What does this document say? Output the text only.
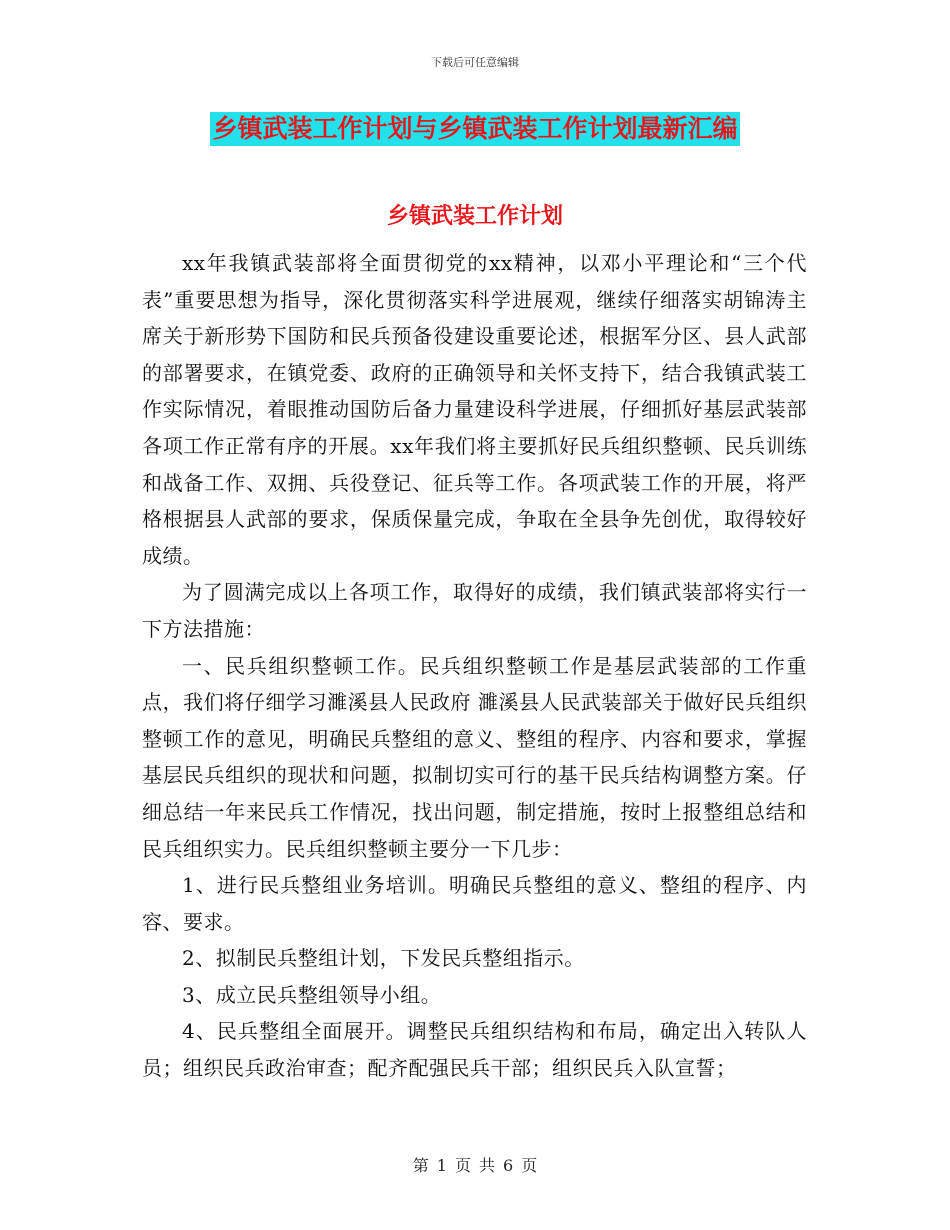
下载后可任意编辑
乡镇武装工作计划与乡镇武装工作计划最新汇编
乡镇武装工作计划

xx年我镇武装部将全面贯彻党的xx精神，以邓小平理论和“三个代表”重要思想为指导，深化贯彻落实科学进展观，继续仔细落实胡锦涛主席关于新形势下国防和民兵预备役建设重要论述，根据军分区、县人武部的部署要求，在镇党委、政府的正确领导和关怀支持下，结合我镇武装工作实际情况，着眼推动国防后备力量建设科学进展，仔细抓好基层武装部各项工作正常有序的开展。xx年我们将主要抓好民兵组织整顿、民兵训练和战备工作、双拥、兵役登记、征兵等工作。各项武装工作的开展，将严格根据县人武部的要求，保质保量完成，争取在全县争先创优，取得较好成绩。

为了圆满完成以上各项工作，取得好的成绩，我们镇武装部将实行一下方法措施：

一、民兵组织整顿工作。民兵组织整顿工作是基层武装部的工作重点，我们将仔细学习濉溪县人民政府 濉溪县人民武装部关于做好民兵组织整顿工作的意见，明确民兵整组的意义、整组的程序、内容和要求，掌握基层民兵组织的现状和问题，拟制切实可行的基干民兵结构调整方案。仔细总结一年来民兵工作情况，找出问题，制定措施，按时上报整组总结和民兵组织实力。民兵组织整顿主要分一下几步：

1、进行民兵整组业务培训。明确民兵整组的意义、整组的程序、内容、要求。

2、拟制民兵整组计划，下发民兵整组指示。

3、成立民兵整组领导小组。

4、民兵整组全面展开。调整民兵组织结构和布局，确定出入转队人员；组织民兵政治审查；配齐配强民兵干部；组织民兵入队宣誓；

第 1 页 共 6 页
